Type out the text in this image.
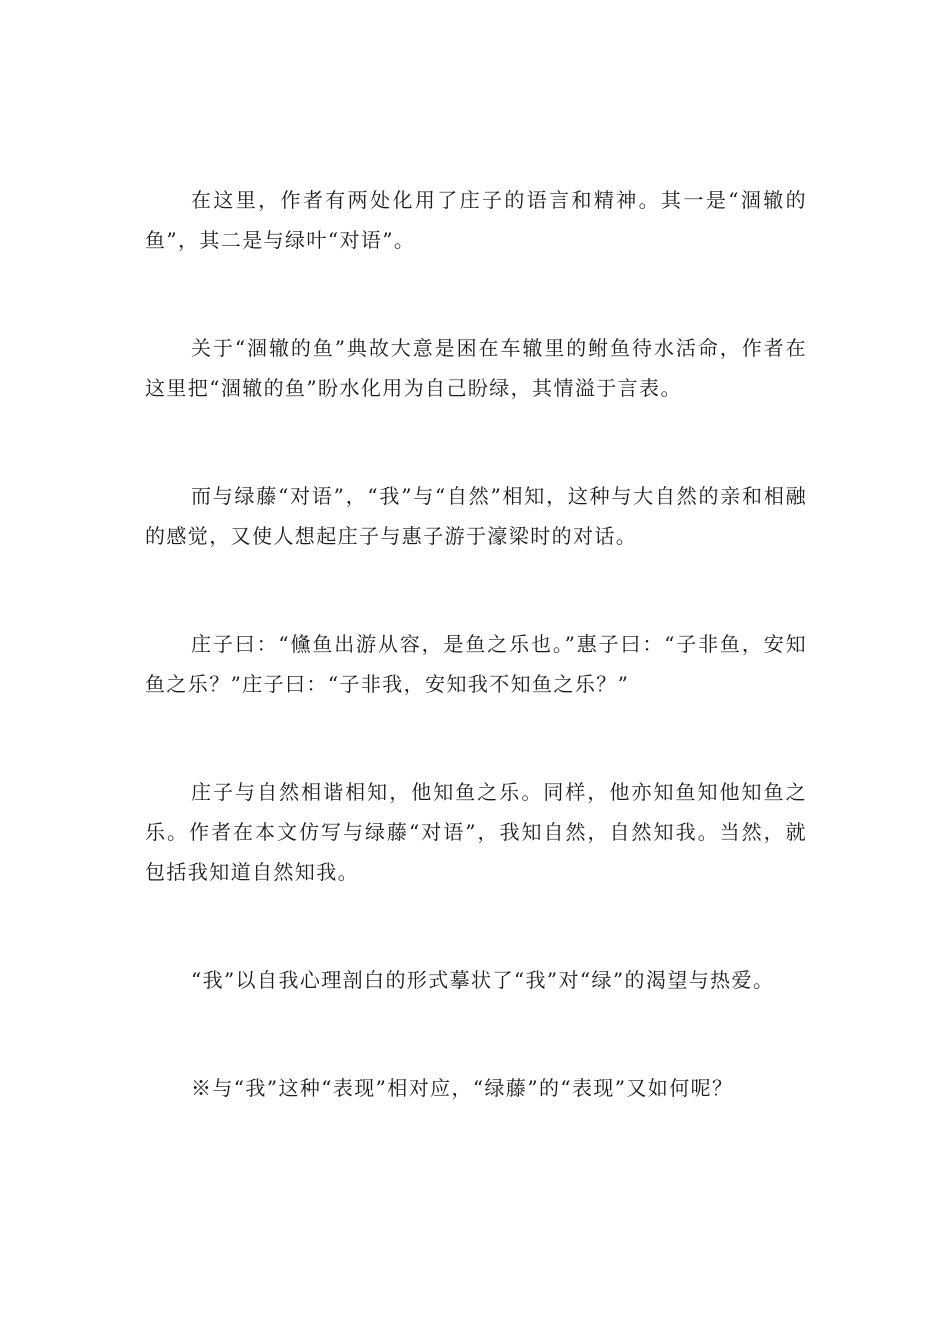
在这里，作者有两处化用了庄子的语言和精神。其一是“涸辙的鱼”，其二是与绿叶“对语”。

关于“涸辙的鱼”典故大意是困在车辙里的鲋鱼待水活命，作者在这里把“涸辙的鱼”盼水化用为自己盼绿，其情溢于言表。

而与绿藤“对语”，“我”与“自然”相知，这种与大自然的亲和相融的感觉，又使人想起庄子与惠子游于濠梁时的对话。

庄子曰：“儵鱼出游从容，是鱼之乐也。”惠子曰：“子非鱼，安知鱼之乐？”庄子曰：“子非我，安知我不知鱼之乐？”

庄子与自然相谐相知，他知鱼之乐。同样，他亦知鱼知他知鱼之乐。作者在本文仿写与绿藤“对语”，我知自然，自然知我。当然，就包括我知道自然知我。

“我”以自我心理剖白的形式摹状了“我”对“绿”的渴望与热爱。

※与“我”这种“表现”相对应，“绿藤”的“表现”又如何呢？
